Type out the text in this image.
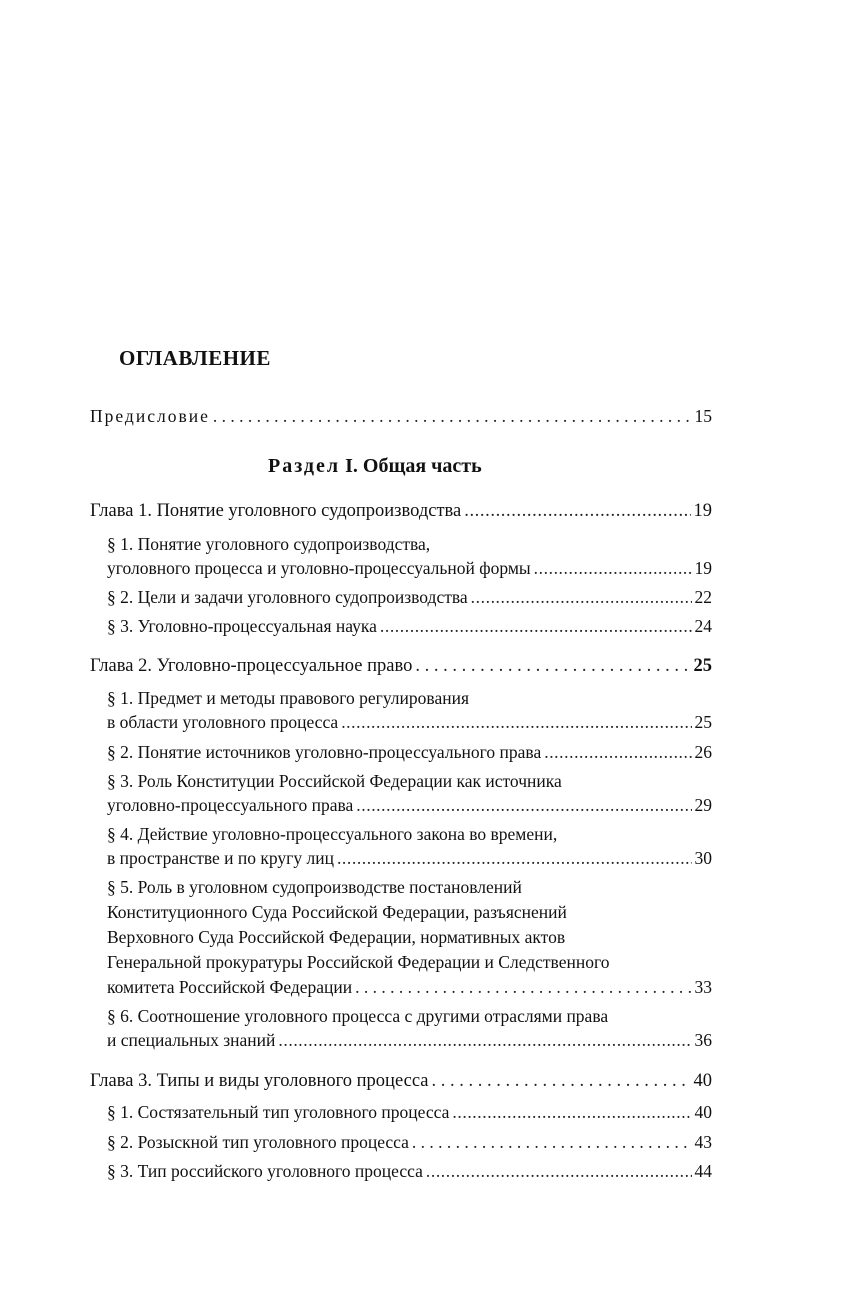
ОГЛАВЛЕНИЕ
Предисловие . . .	15
Раздел I. Общая часть
Глава 1. Понятие уголовного судопроизводства .....	19
§ 1. Понятие уголовного судопроизводства,
уголовного процесса и уголовно-процессуальной формы .....	19
§ 2. Цели и задачи уголовного судопроизводства .....	22
§ 3. Уголовно-процессуальная наука .....	24
Глава 2. Уголовно-процессуальное право . . .	25
§ 1. Предмет и методы правового регулирования
в области уголовного процесса .....	25
§ 2. Понятие источников уголовно-процессуального права .....	26
§ 3. Роль Конституции Российской Федерации как источника
уголовно-процессуального права .....	29
§ 4. Действие уголовно-процессуального закона во времени,
в пространстве и по кругу лиц .....	30
§ 5. Роль в уголовном судопроизводстве постановлений
Конституционного Суда Российской Федерации, разъяснений
Верховного Суда Российской Федерации, нормативных актов
Генеральной прокуратуры Российской Федерации и Следственного
комитета Российской Федерации . . .	33
§ 6. Соотношение уголовного процесса с другими отраслями права
и специальных знаний .....	36
Глава 3. Типы и виды уголовного процесса . . .	40
§ 1. Состязательный тип уголовного процесса .....	40
§ 2. Розыскной тип уголовного процесса . . .	43
§ 3. Тип российского уголовного процесса .....	44
